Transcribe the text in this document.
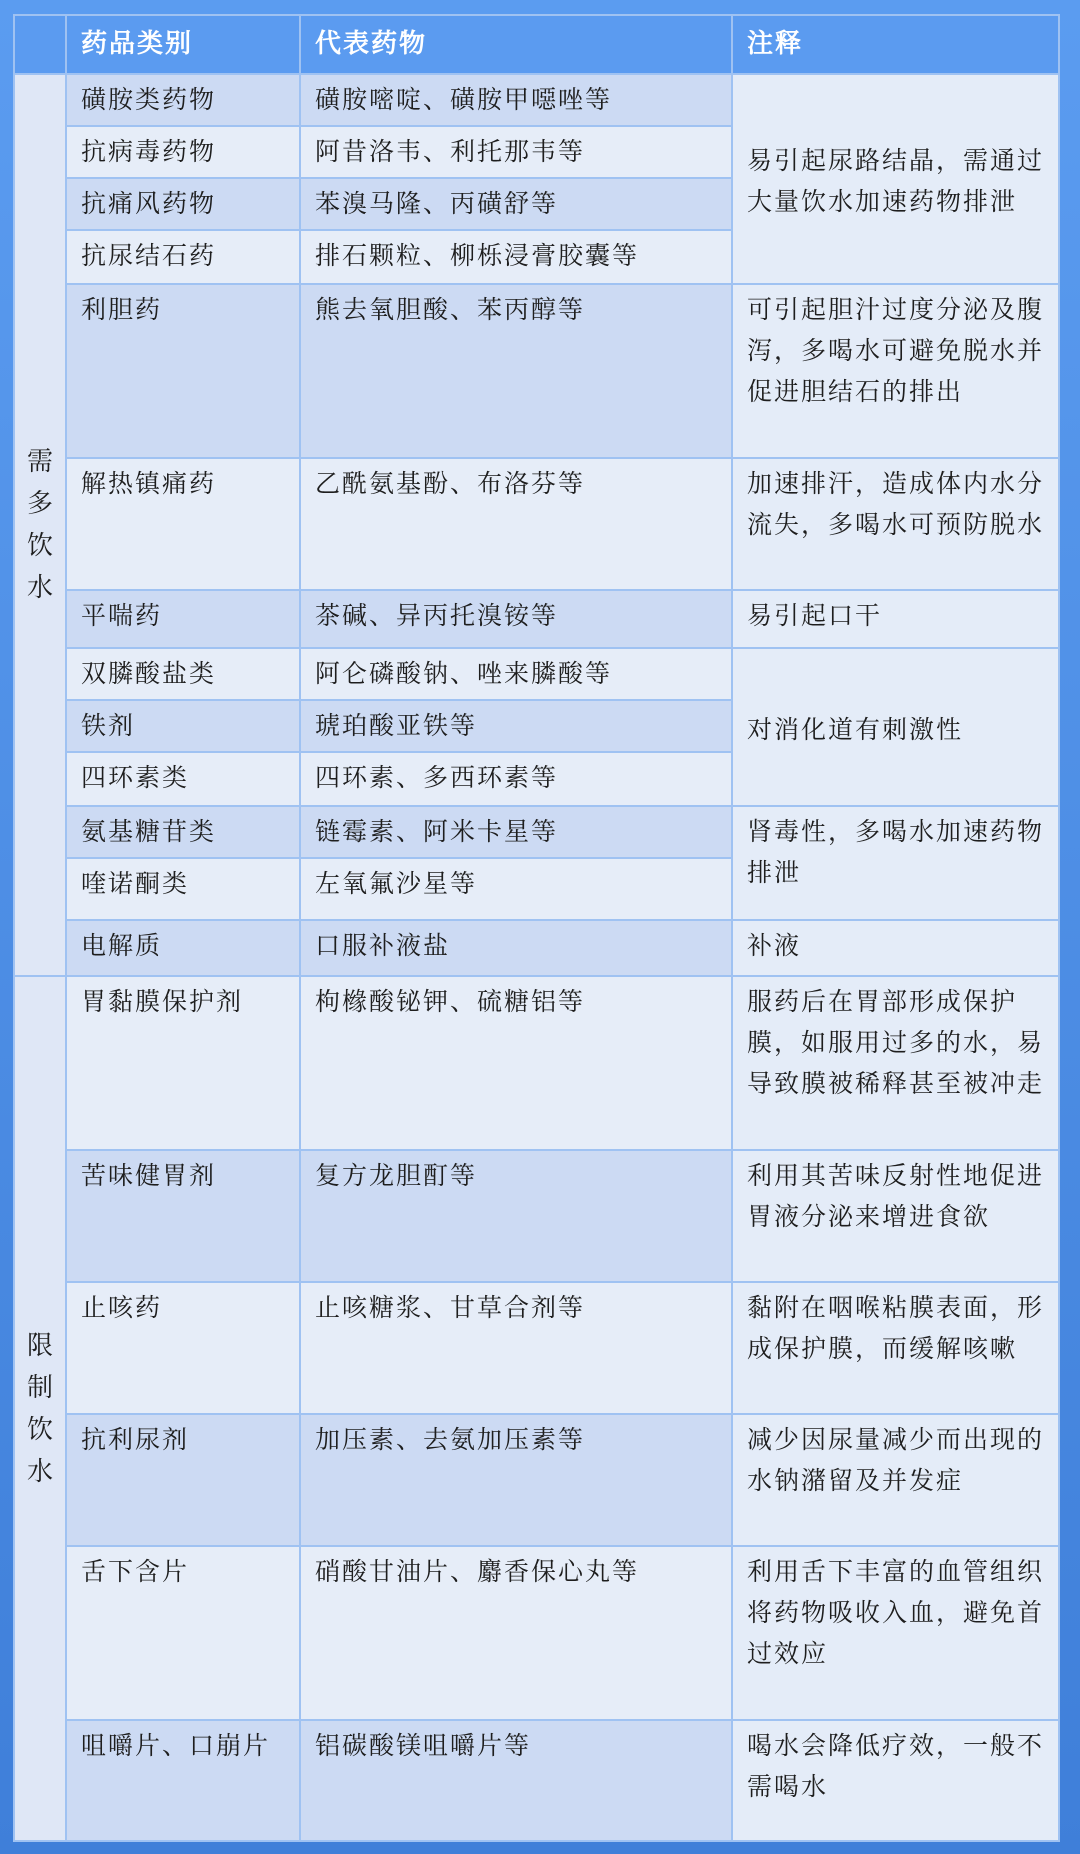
	药品类别	代表药物	注释
需多饮水	磺胺类药物	磺胺嘧啶、磺胺甲噁唑等	易引起尿路结晶，需通过大量饮水加速药物排泄
	抗病毒药物	阿昔洛韦、利托那韦等	
	抗痛风药物	苯溴马隆、丙磺舒等	
	抗尿结石药	排石颗粒、柳栎浸膏胶囊等	
	利胆药	熊去氧胆酸、苯丙醇等	可引起胆汁过度分泌及腹泻，多喝水可避免脱水并促进胆结石的排出
	解热镇痛药	乙酰氨基酚、布洛芬等	加速排汗，造成体内水分流失，多喝水可预防脱水
	平喘药	茶碱、异丙托溴铵等	易引起口干
	双膦酸盐类	阿仑磷酸钠、唑来膦酸等	对消化道有刺激性
	铁剂	琥珀酸亚铁等	
	四环素类	四环素、多西环素等	
	氨基糖苷类	链霉素、阿米卡星等	肾毒性，多喝水加速药物排泄
	喹诺酮类	左氧氟沙星等	
	电解质	口服补液盐	补液
限制饮水	胃黏膜保护剂	枸橼酸铋钾、硫糖铝等	服药后在胃部形成保护膜，如服用过多的水，易导致膜被稀释甚至被冲走
	苦味健胃剂	复方龙胆酊等	利用其苦味反射性地促进胃液分泌来增进食欲
	止咳药	止咳糖浆、甘草合剂等	黏附在咽喉粘膜表面，形成保护膜，而缓解咳嗽
	抗利尿剂	加压素、去氨加压素等	减少因尿量减少而出现的水钠潴留及并发症
	舌下含片	硝酸甘油片、麝香保心丸等	利用舌下丰富的血管组织将药物吸收入血，避免首过效应
	咀嚼片、口崩片	铝碳酸镁咀嚼片等	喝水会降低疗效，一般不需喝水
